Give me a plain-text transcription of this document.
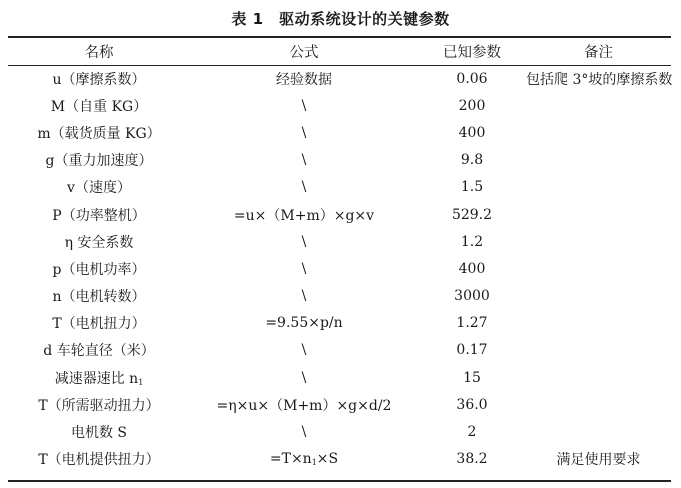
表 1　驱动系统设计的关键参数
名称	公式	已知参数	备注
u（摩擦系数）	经验数据	0.06	包括爬 3°坡的摩擦系数
M（自重 KG）	\	200	
m（载货质量 KG）	\	400	
g（重力加速度）	\	9.8	
v（速度）	\	1.5	
P（功率整机）	=u×（M+m）×g×v	529.2	
η 安全系数	\	1.2	
p（电机功率）	\	400	
n（电机转数）	\	3000	
T（电机扭力）	=9.55×p/n	1.27	
d 车轮直径（米）	\	0.17	
减速器速比 $n_1$	\	15	
T（所需驱动扭力）	=η×u×（M+m）×g×d/2	36.0	
电机数 S	\	2	
T（电机提供扭力）	$=T\times n_1\times S$	38.2	满足使用要求
